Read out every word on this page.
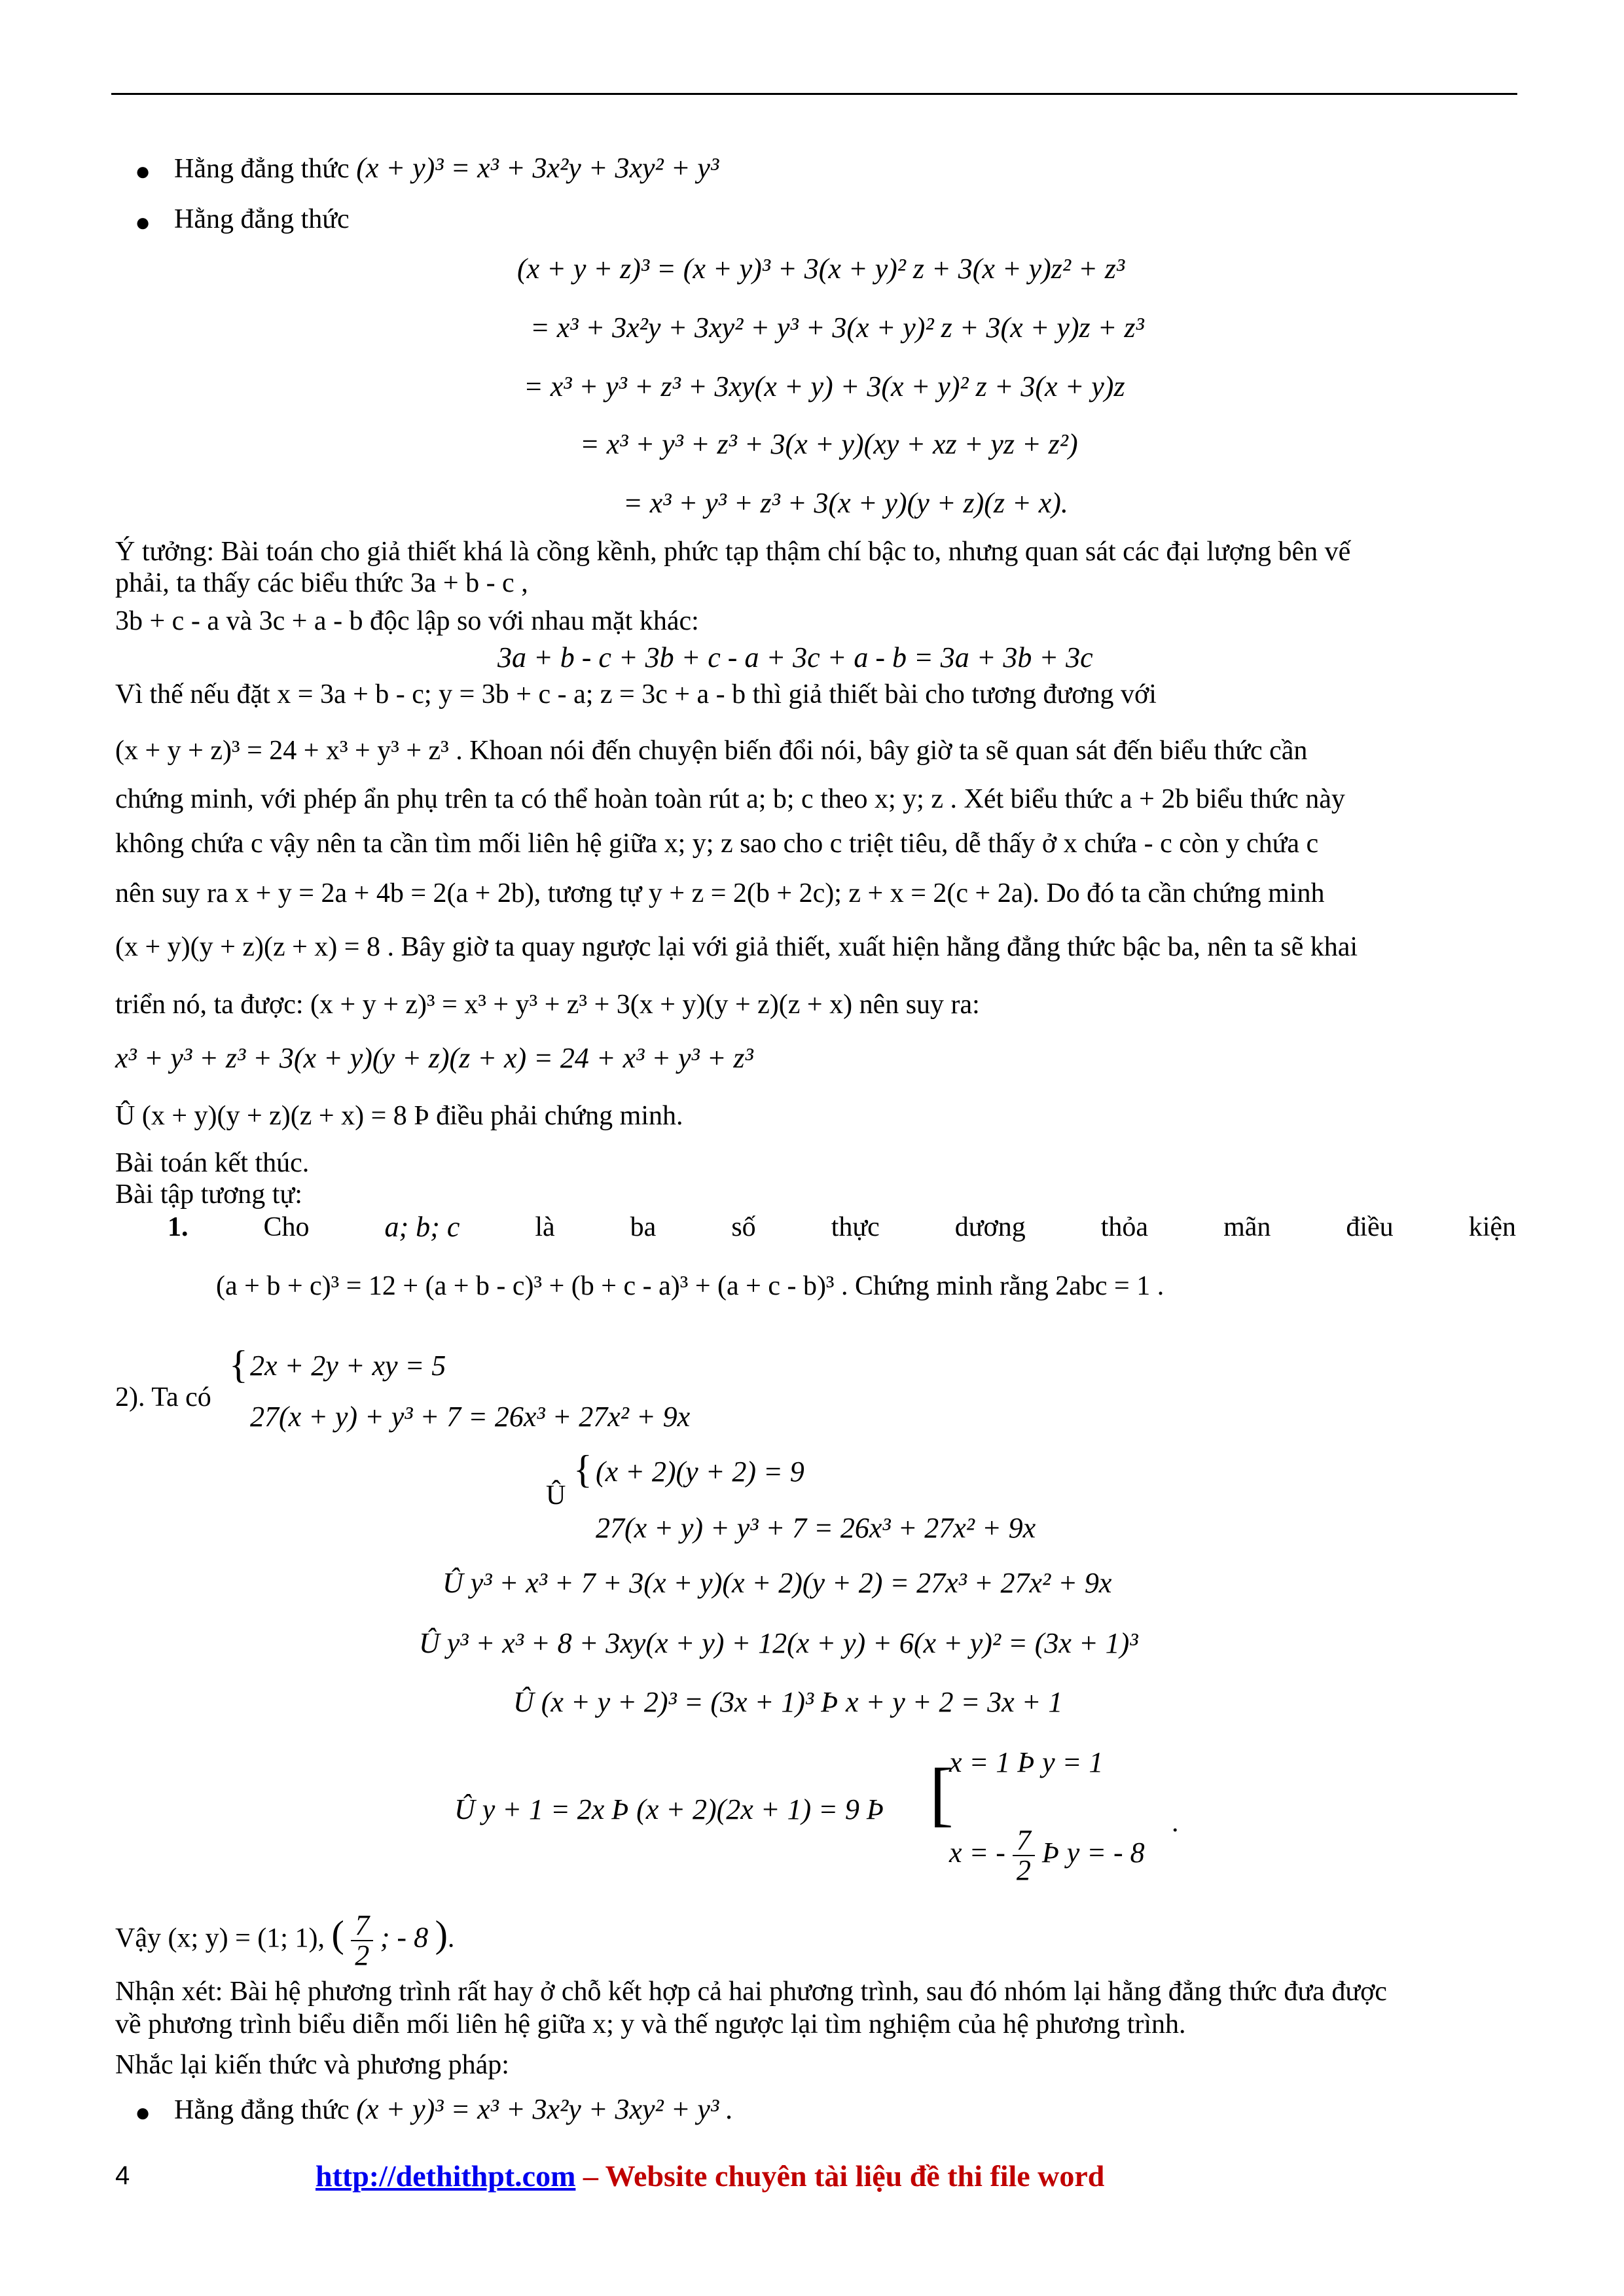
● Hằng đẳng thức (x + y)³ = x³ + 3x²y + 3xy² + y³
● Hằng đẳng thức
(x + y + z)³ = (x + y)³ + 3(x + y)² z + 3(x + y)z² + z³
= x³ + 3x²y + 3xy² + y³ + 3(x + y)² z + 3(x + y)z + z³
= x³ + y³ + z³ + 3xy(x + y) + 3(x + y)² z + 3(x + y)z
= x³ + y³ + z³ + 3(x + y)(xy + xz + yz + z²)
= x³ + y³ + z³ + 3(x + y)(y + z)(z + x).
Ý tưởng: Bài toán cho giả thiết khá là cồng kềnh, phức tạp thậm chí bậc to, nhưng quan sát các đại lượng bên vế
phải, ta thấy các biểu thức 3a + b - c ,
3b + c - a và 3c + a - b độc lập so với nhau mặt khác:
3a + b - c + 3b + c - a + 3c + a - b = 3a + 3b + 3c
Vì thế nếu đặt x = 3a + b - c; y = 3b + c - a; z = 3c + a - b thì giả thiết bài cho tương đương với
(x + y + z)³ = 24 + x³ + y³ + z³ . Khoan nói đến chuyện biến đổi nói, bây giờ ta sẽ quan sát đến biểu thức cần
chứng minh, với phép ẩn phụ trên ta có thể hoàn toàn rút a; b; c theo x; y; z . Xét biểu thức a + 2b biểu thức này
không chứa c vậy nên ta cần tìm mối liên hệ giữa x; y; z sao cho c triệt tiêu, dễ thấy ở x chứa - c còn y chứa c
nên suy ra x + y = 2a + 4b = 2(a + 2b), tương tự y + z = 2(b + 2c); z + x = 2(c + 2a). Do đó ta cần chứng minh
(x + y)(y + z)(z + x) = 8 . Bây giờ ta quay ngược lại với giả thiết, xuất hiện hằng đẳng thức bậc ba, nên ta sẽ khai
triển nó, ta được: (x + y + z)³ = x³ + y³ + z³ + 3(x + y)(y + z)(z + x) nên suy ra:
x³ + y³ + z³ + 3(x + y)(y + z)(z + x) = 24 + x³ + y³ + z³
Û (x + y)(y + z)(z + x) = 8 Þ điều phải chứng minh.
Bài toán kết thúc.
Bài tập tương tự:
1.	Cho	a; b; c	là	ba	số	thực	dương	thỏa	mãn	điều	kiện
(a + b + c)³ = 12 + (a + b - c)³ + (b + c - a)³ + (a + c - b)³ . Chứng minh rằng 2abc = 1 .
2). Ta có
{ 2x + 2y + xy = 5
27(x + y) + y³ + 7 = 26x³ + 27x² + 9x
Û
{ (x + 2)(y + 2) = 9
27(x + y) + y³ + 7 = 26x³ + 27x² + 9x
Û y³ + x³ + 7 + 3(x + y)(x + 2)(y + 2) = 27x³ + 27x² + 9x
Û y³ + x³ + 8 + 3xy(x + y) + 12(x + y) + 6(x + y)² = (3x + 1)³
Û (x + y + 2)³ = (3x + 1)³ Þ x + y + 2 = 3x + 1
Û y + 1 = 2x Þ (x + 2)(2x + 1) = 9 Þ [
x = 1 Þ y = 1
x = - $\frac{7}{2}$ Þ y = - 8
.
Vậy (x; y) = (1; 1), ( $\frac{7}{2}$ ; - 8 ).
Nhận xét: Bài hệ phương trình rất hay ở chỗ kết hợp cả hai phương trình, sau đó nhóm lại hằng đẳng thức đưa được
về phương trình biểu diễn mối liên hệ giữa x; y và thế ngược lại tìm nghiệm của hệ phương trình.
Nhắc lại kiến thức và phương pháp:
● Hằng đẳng thức (x + y)³ = x³ + 3x²y + 3xy² + y³ .
4	http://dethithpt.com – Website chuyên tài liệu đề thi file word
